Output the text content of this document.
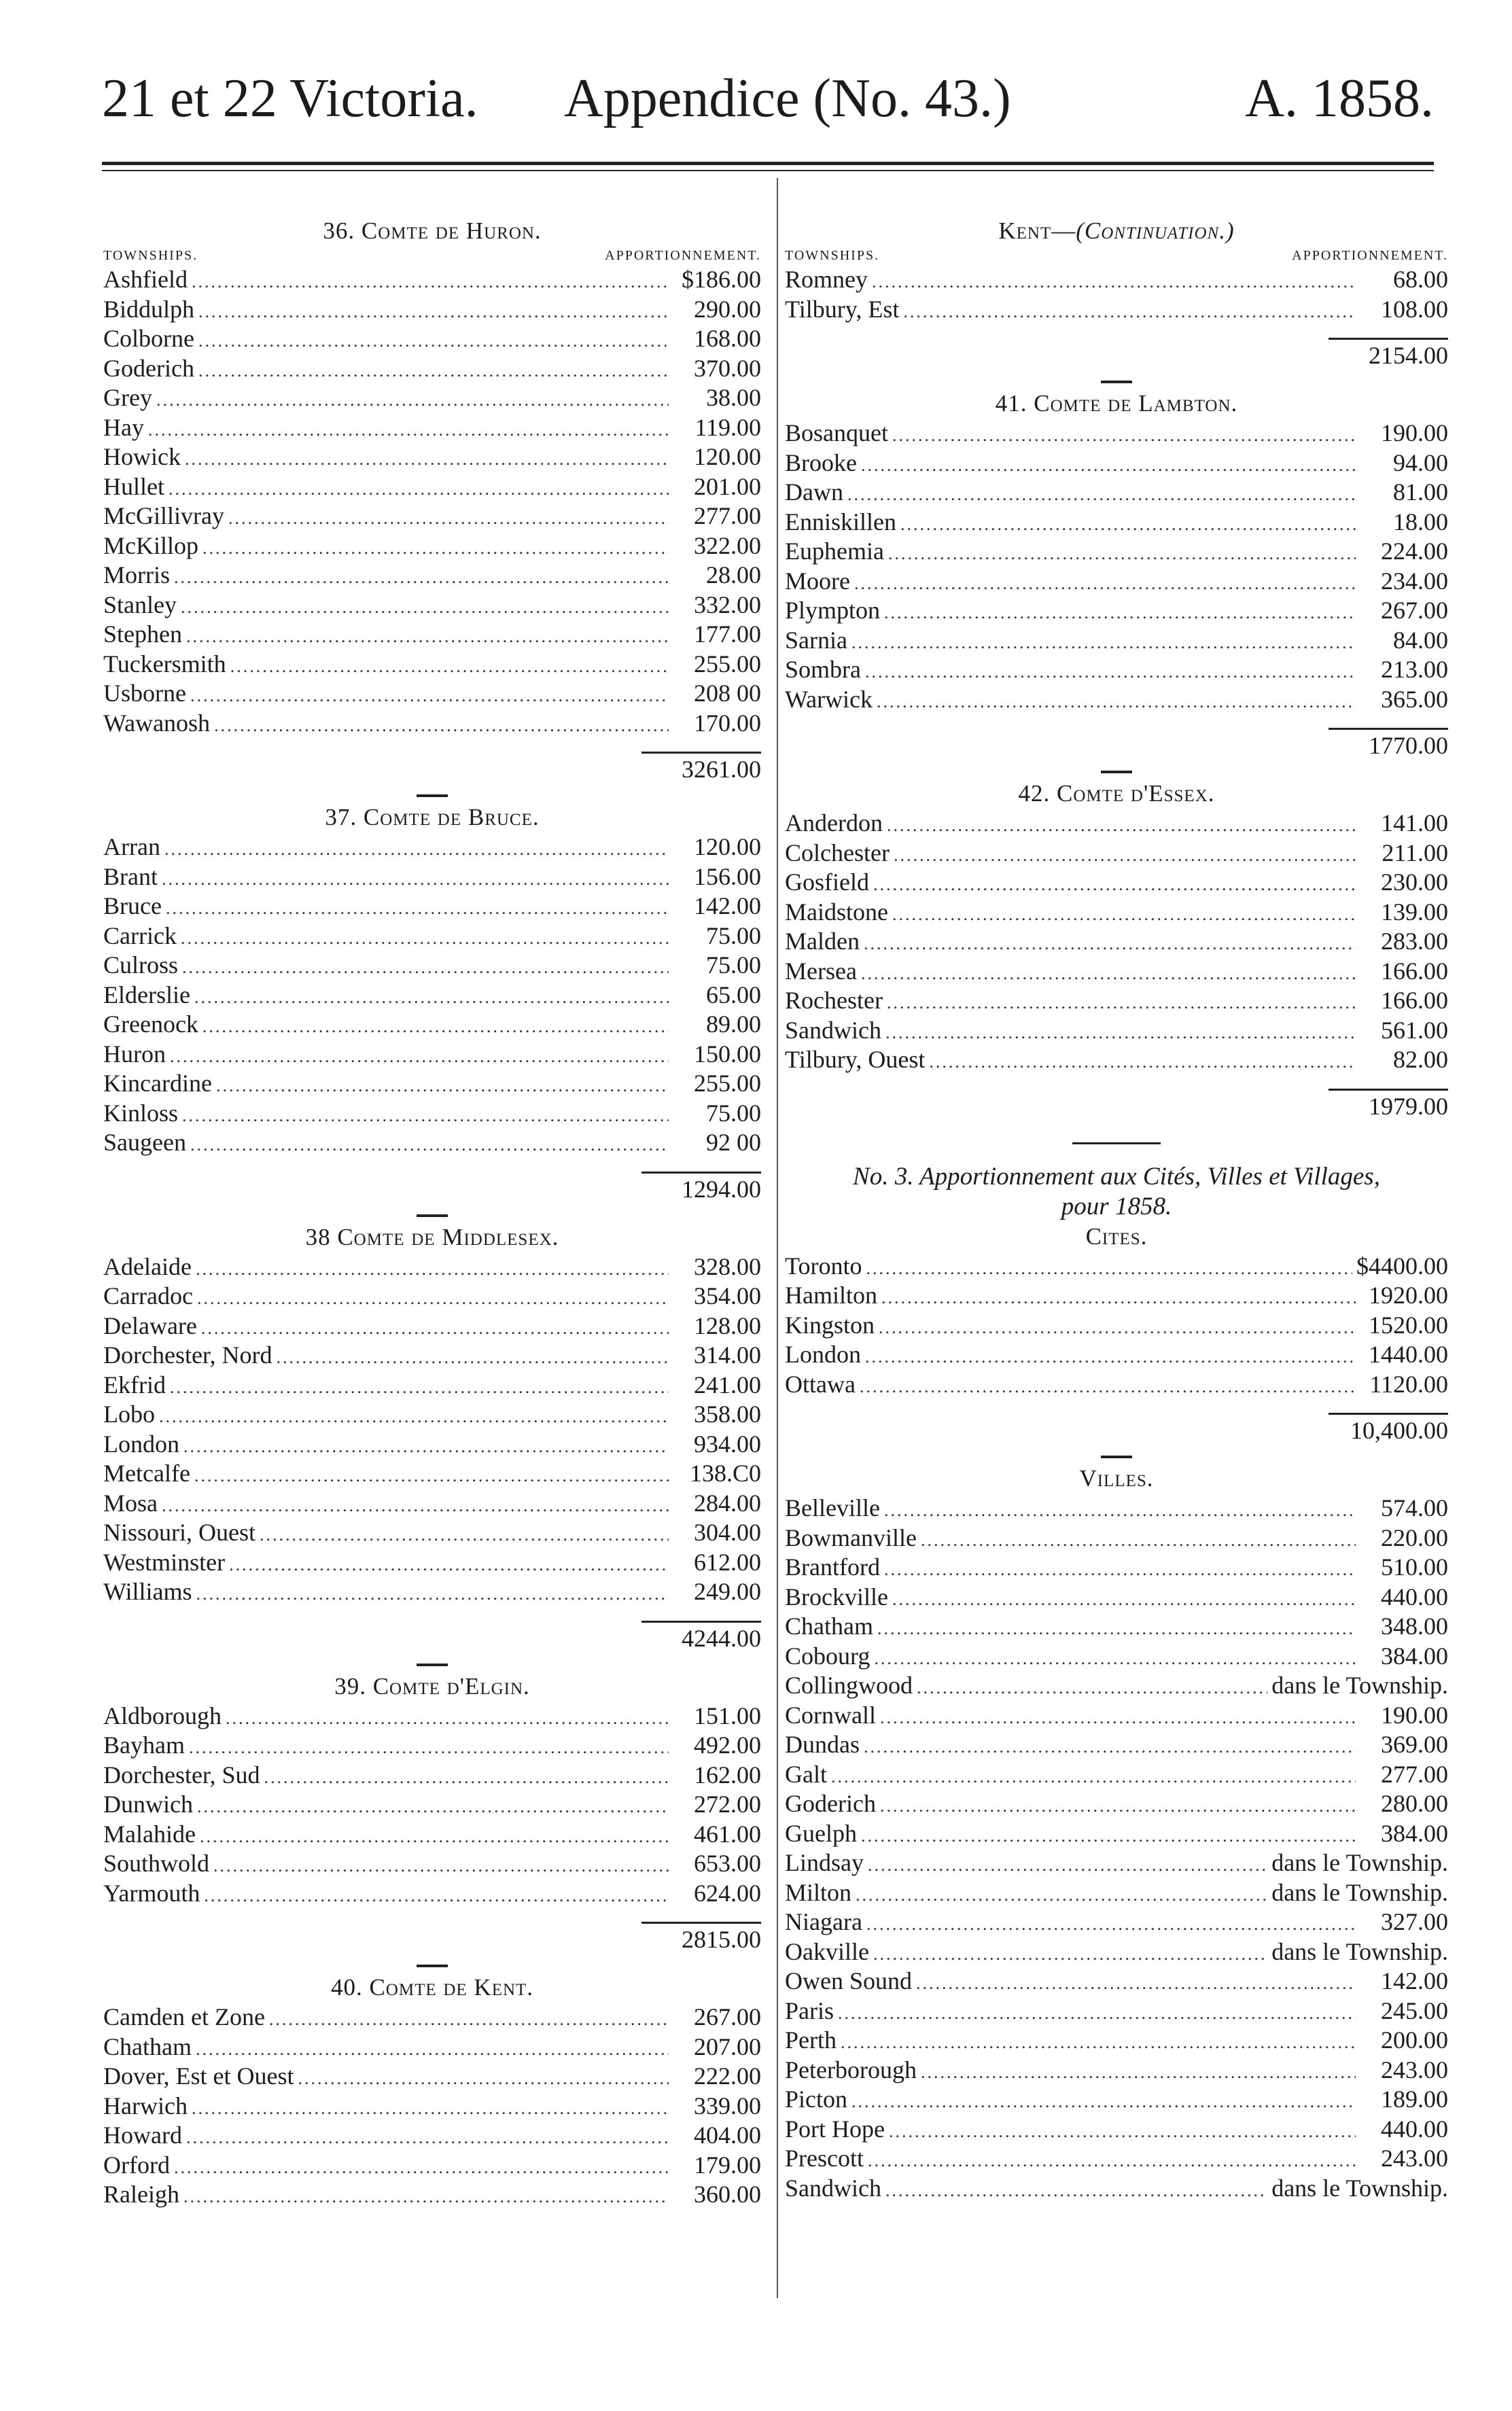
21 et 22 Victoria. Appendice (No. 43.)	A. 1858.
36. Comte de Huron.
TOWNSHIPS.	APPORTIONNEMENT.
Ashfield .....	$186.00
Biddulph .....	290.00
Colborne .....	168.00
Goderich .....	370.00
Grey .....	38.00
Hay .....	119.00
Howick .....	120.00
Hullet .....	201.00
McGillivray .....	277.00
McKillop .....	322.00
Morris .....	28.00
Stanley .....	332.00
Stephen .....	177.00
Tuckersmith .....	255.00
Usborne .....	208 00
Wawanosh .....	170.00
3261.00
37. Comte de Bruce.
Arran .....	120.00
Brant .....	156.00
Bruce .....	142.00
Carrick .....	75.00
Culross .....	75.00
Elderslie .....	65.00
Greenock .....	89.00
Huron .....	150.00
Kincardine .....	255.00
Kinloss .....	75.00
Saugeen .....	92 00
1294.00
38 Comte de Middlesex.
Adelaide .....	328.00
Carradoc .....	354.00
Delaware .....	128.00
Dorchester, Nord .....	314.00
Ekfrid .....	241.00
Lobo .....	358.00
London .....	934.00
Metcalfe .....	138.C0
Mosa .....	284.00
Nissouri, Ouest .....	304.00
Westminster .....	612.00
Williams .....	249.00
4244.00
39. Comte d'Elgin.
Aldborough .....	151.00
Bayham .....	492.00
Dorchester, Sud .....	162.00
Dunwich .....	272.00
Malahide .....	461.00
Southwold .....	653.00
Yarmouth .....	624.00
2815.00
40. Comte de Kent.
Camden et Zone .....	267.00
Chatham .....	207.00
Dover, Est et Ouest .....	222.00
Harwich .....	339.00
Howard .....	404.00
Orford .....	179.00
Raleigh .....	360.00
Kent—(Continuation.)
TOWNSHIPS.	APPORTIONNEMENT.
Romney .....	68.00
Tilbury, Est .....	108.00
2154.00
41. Comte de Lambton.
Bosanquet .....	190.00
Brooke .....	94.00
Dawn .....	81.00
Enniskillen .....	18.00
Euphemia .....	224.00
Moore .....	234.00
Plympton .....	267.00
Sarnia .....	84.00
Sombra .....	213.00
Warwick .....	365.00
1770.00
42. Comte d'Essex.
Anderdon .....	141.00
Colchester .....	211.00
Gosfield .....	230.00
Maidstone .....	139.00
Malden .....	283.00
Mersea .....	166.00
Rochester .....	166.00
Sandwich .....	561.00
Tilbury, Ouest .....	82.00
1979.00
No. 3. Apportionnement aux Cités, Villes et Villages,
pour 1858.
Cites.
Toronto .....	$4400.00
Hamilton .....	1920.00
Kingston .....	1520.00
London .....	1440.00
Ottawa .....	1120.00
10,400.00
Villes.
Belleville .....	574.00
Bowmanville .....	220.00
Brantford .....	510.00
Brockville .....	440.00
Chatham .....	348.00
Cobourg .....	384.00
Collingwood .....	dans le Township.
Cornwall .....	190.00
Dundas .....	369.00
Galt .....	277.00
Goderich .....	280.00
Guelph .....	384.00
Lindsay .....	dans le Township.
Milton .....	dans le Township.
Niagara .....	327.00
Oakville .....	dans le Township.
Owen Sound .....	142.00
Paris .....	245.00
Perth .....	200.00
Peterborough .....	243.00
Picton .....	189.00
Port Hope .....	440.00
Prescott .....	243.00
Sandwich .....	dans le Township.
